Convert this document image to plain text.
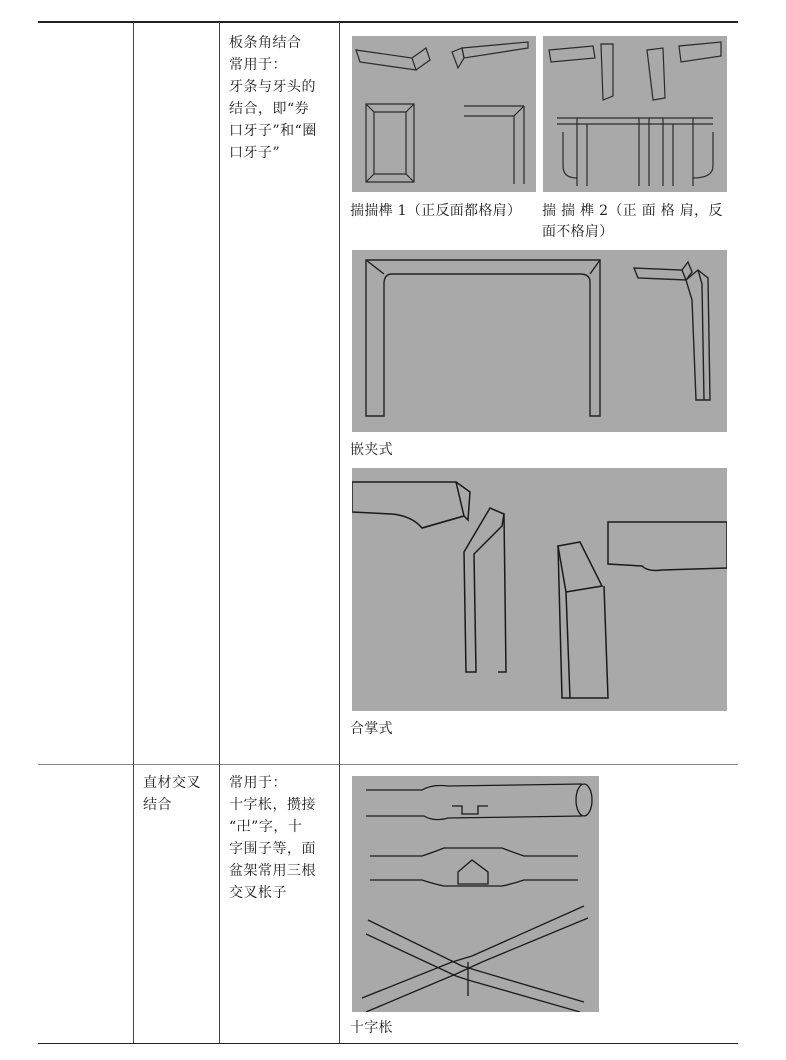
板条角结合
常用于：
牙条与牙头的
结合，即“券
口牙子”和“圈
口牙子”
揣揣榫 1（正反面都格肩） 揣 揣 榫 2（正 面 格 肩，反
面不格肩）
嵌夹式
合掌式
直材交叉
结合
常用于：
十字枨，攒接
“卍”字，十
字围子等，面
盆架常用三根
交叉枨子
十字枨
